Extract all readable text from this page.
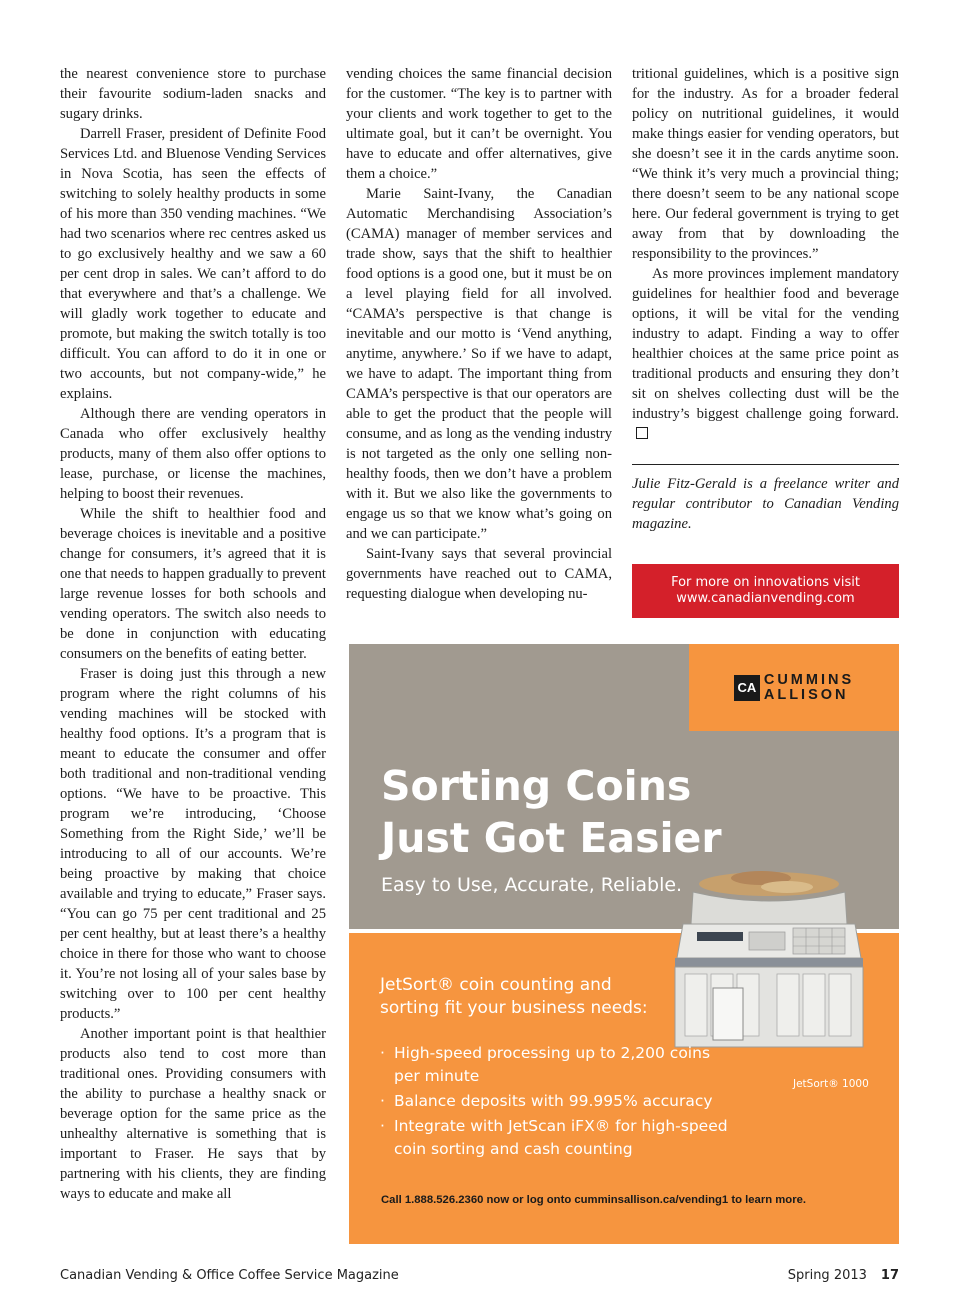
the nearest convenience store to purchase their favourite sodium-laden snacks and sugary drinks.

Darrell Fraser, president of Definite Food Services Ltd. and Bluenose Vending Services in Nova Scotia, has seen the effects of switching to solely healthy products in some of his more than 350 vending machines. “We had two scenarios where rec centres asked us to go exclusively healthy and we saw a 60 per cent drop in sales. We can’t afford to do that everywhere and that’s a challenge. We will gladly work together to educate and promote, but making the switch totally is too difficult. You can afford to do it in one or two accounts, but not company-wide,” he explains.

Although there are vending operators in Canada who offer exclusively healthy products, many of them also offer options to lease, purchase, or license the machines, helping to boost their revenues.

While the shift to healthier food and beverage choices is inevitable and a positive change for consumers, it’s agreed that it is one that needs to happen gradually to prevent large revenue losses for both schools and vending operators. The switch also needs to be done in conjunction with educating consumers on the benefits of eating better.

Fraser is doing just this through a new program where the right columns of his vending machines will be stocked with healthy food options. It’s a program that is meant to educate the consumer and offer both traditional and non-traditional vending options. “We have to be proactive. This program we’re introducing, ‘Choose Something from the Right Side,’ we’ll be introducing to all of our accounts. We’re being proactive by making that choice available and trying to educate,” Fraser says. “You can go 75 per cent traditional and 25 per cent healthy, but at least there’s a healthy choice in there for those who want to choose it. You’re not losing all of your sales base by switching over to 100 per cent healthy products.”

Another important point is that healthier products also tend to cost more than traditional ones. Providing consumers with the ability to purchase a healthy snack or beverage option for the same price as the unhealthy alternative is something that is important to Fraser. He says that by partnering with his clients, they are finding ways to educate and make all

vending choices the same financial decision for the customer. “The key is to partner with your clients and work together to get to the ultimate goal, but it can’t be overnight. You have to educate and offer alternatives, give them a choice.”

Marie Saint-Ivany, the Canadian Automatic Merchandising Association’s (CAMA) manager of member services and trade show, says that the shift to healthier food options is a good one, but it must be on a level playing field for all involved. “CAMA’s perspective is that change is inevitable and our motto is ‘Vend anything, anytime, anywhere.’ So if we have to adapt, we have to adapt. The important thing from CAMA’s perspective is that our operators are able to get the product that the people will consume, and as long as the vending industry is not targeted as the only one selling non-healthy foods, then we don’t have a problem with it. But we also like the governments to engage us so that we know what’s going on and we can participate.”

Saint-Ivany says that several provincial governments have reached out to CAMA, requesting dialogue when developing nu-

tritional guidelines, which is a positive sign for the industry. As for a broader federal policy on nutritional guidelines, it would make things easier for vending operators, but she doesn’t see it in the cards anytime soon. “We think it’s very much a provincial thing; there doesn’t seem to be any national scope here. Our federal government is trying to get away from that by downloading the responsibility to the provinces.”

As more provinces implement mandatory guidelines for healthier food and beverage options, it will be vital for the vending industry to adapt. Finding a way to offer healthier choices at the same price point as traditional products and ensuring they don’t sit on shelves collecting dust will be the industry’s biggest challenge going forward.

Julie Fitz-Gerald is a freelance writer and regular contributor to Canadian Vending magazine.

For more on innovations visit
www.canadianvending.com
CA CUMMINS
ALLISON
Sorting Coins
Just Got Easier
Easy to Use, Accurate, Reliable.
JetSort® coin counting and
sorting fit your business needs:
· High-speed processing up to 2,200 coins per minute
· Balance deposits with 99.995% accuracy
· Integrate with JetScan iFX® for high-speed coin sorting and cash counting
JetSort® 1000
Call 1.888.526.2360 now or log onto cumminsallison.ca/vending1 to learn more.
Canadian Vending & Office Coffee Service Magazine	Spring 2013 17
